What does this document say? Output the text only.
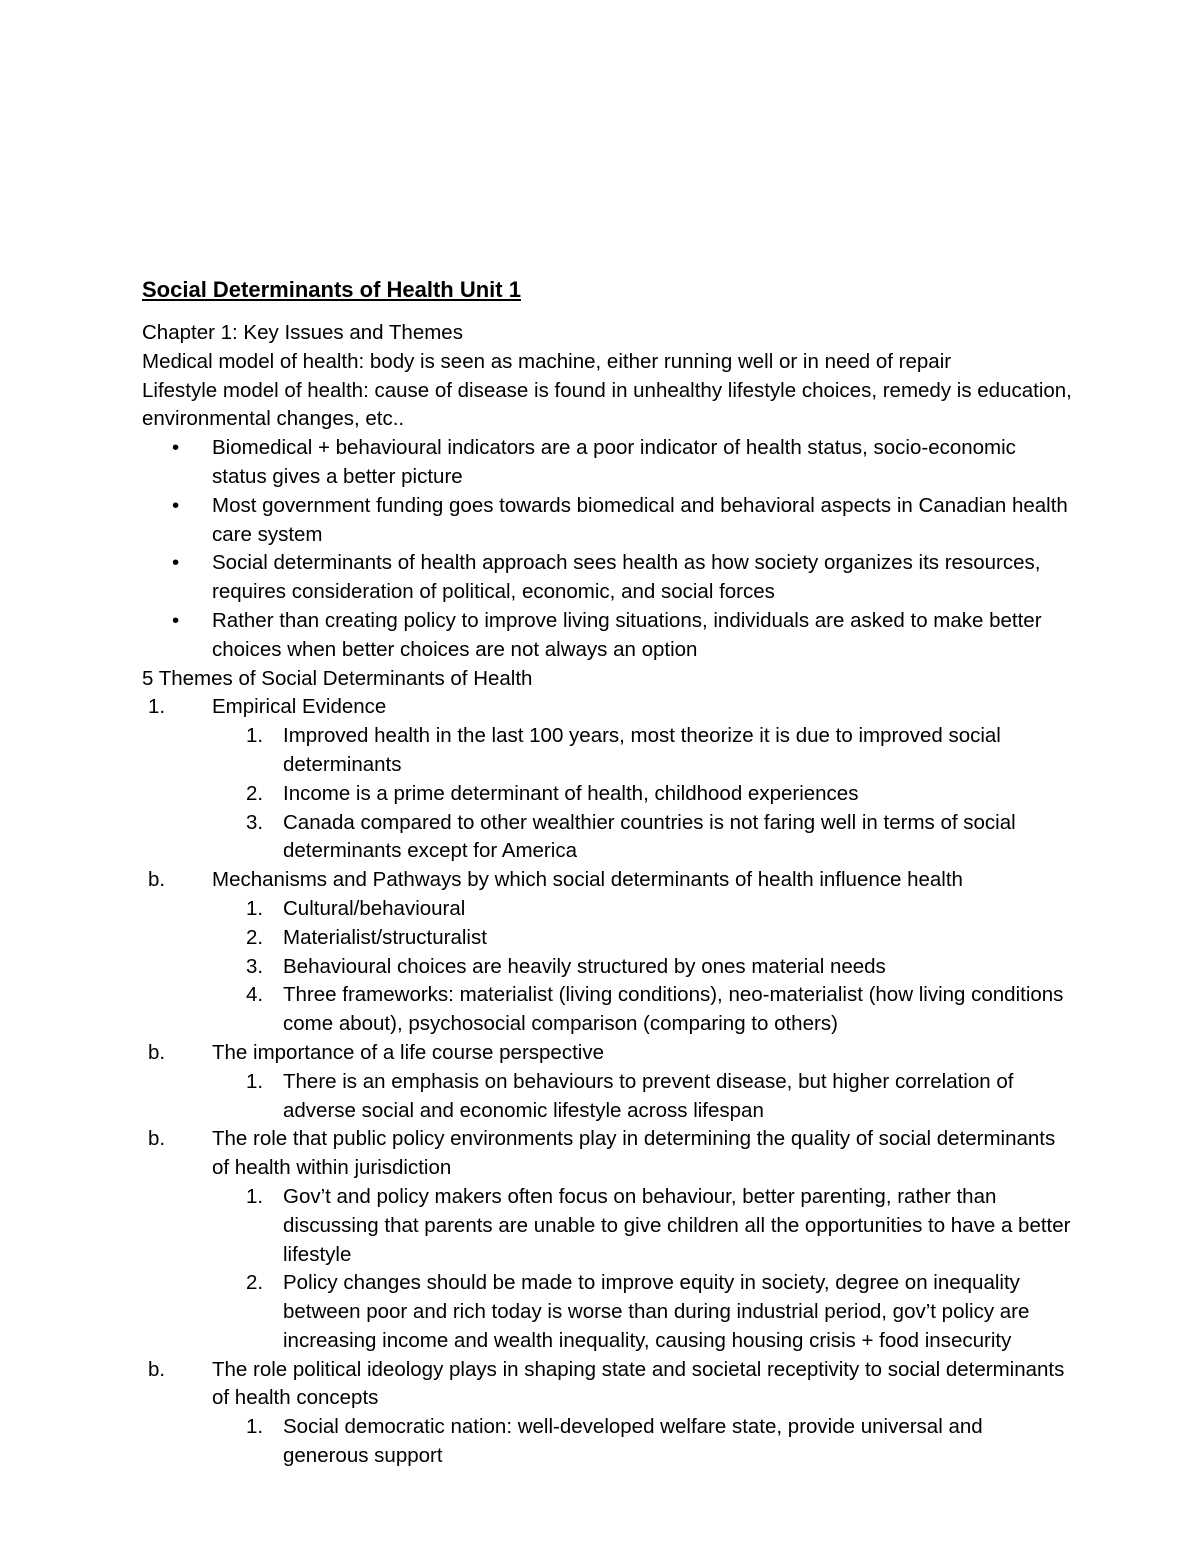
Social Determinants of Health Unit 1

Chapter 1: Key Issues and Themes

Medical model of health: body is seen as machine, either running well or in need of repair

Lifestyle model of health: cause of disease is found in unhealthy lifestyle choices, remedy is education, environmental changes, etc..

• Biomedical + behavioural indicators are a poor indicator of health status, socio-economic status gives a better picture
• Most government funding goes towards biomedical and behavioral aspects in Canadian health care system
• Social determinants of health approach sees health as how society organizes its resources, requires consideration of political, economic, and social forces
• Rather than creating policy to improve living situations, individuals are asked to make better choices when better choices are not always an option

5 Themes of Social Determinants of Health

1. Empirical Evidence
1. Improved health in the last 100 years, most theorize it is due to improved social determinants
2. Income is a prime determinant of health, childhood experiences
3. Canada compared to other wealthier countries is not faring well in terms of social determinants except for America
b. Mechanisms and Pathways by which social determinants of health influence health
1. Cultural/behavioural
2. Materialist/structuralist
3. Behavioural choices are heavily structured by ones material needs
4. Three frameworks: materialist (living conditions), neo-materialist (how living conditions come about), psychosocial comparison (comparing to others)
b. The importance of a life course perspective
1. There is an emphasis on behaviours to prevent disease, but higher correlation of adverse social and economic lifestyle across lifespan
b. The role that public policy environments play in determining the quality of social determinants of health within jurisdiction
1. Gov’t and policy makers often focus on behaviour, better parenting, rather than discussing that parents are unable to give children all the opportunities to have a better lifestyle
2. Policy changes should be made to improve equity in society, degree on inequality between poor and rich today is worse than during industrial period, gov’t policy are increasing income and wealth inequality, causing housing crisis + food insecurity
b. The role political ideology plays in shaping state and societal receptivity to social determinants of health concepts
1. Social democratic nation: well-developed welfare state, provide universal and generous support
